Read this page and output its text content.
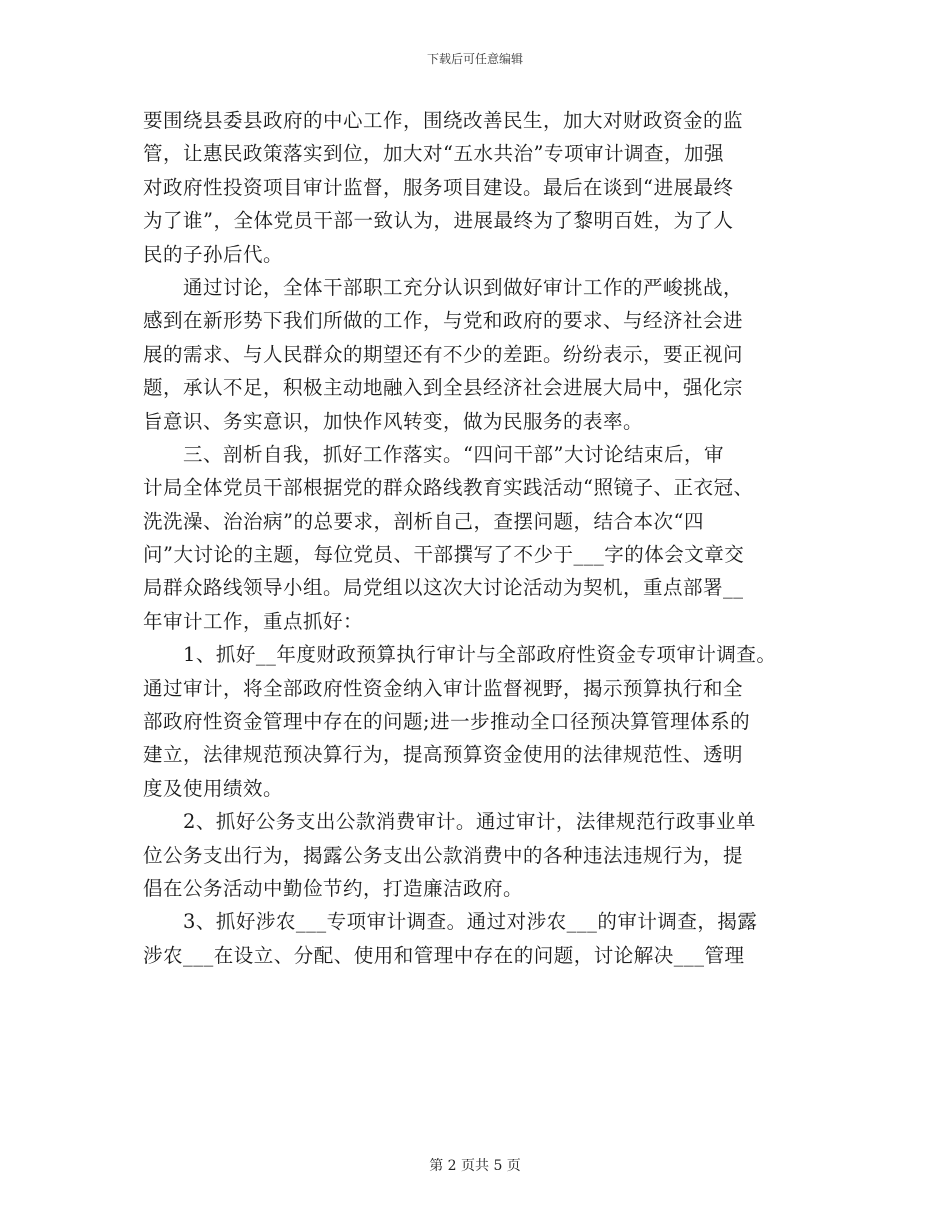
下载后可任意编辑
要围绕县委县政府的中心工作，围绕改善民生，加大对财政资金的监
管，让惠民政策落实到位，加大对“五水共治”专项审计调查，加强
对政府性投资项目审计监督，服务项目建设。最后在谈到“进展最终
为了谁”，全体党员干部一致认为，进展最终为了黎明百姓，为了人
民的子孙后代。
　　通过讨论，全体干部职工充分认识到做好审计工作的严峻挑战，
感到在新形势下我们所做的工作，与党和政府的要求、与经济社会进
展的需求、与人民群众的期望还有不少的差距。纷纷表示，要正视问
题，承认不足，积极主动地融入到全县经济社会进展大局中，强化宗
旨意识、务实意识，加快作风转变，做为民服务的表率。
　　三、剖析自我，抓好工作落实。“四问干部”大讨论结束后，审
计局全体党员干部根据党的群众路线教育实践活动“照镜子、正衣冠、
洗洗澡、治治病”的总要求，剖析自己，查摆问题，结合本次“四
问”大讨论的主题，每位党员、干部撰写了不少于___字的体会文章交
局群众路线领导小组。局党组以这次大讨论活动为契机，重点部署__
年审计工作，重点抓好：
　　1、抓好__年度财政预算执行审计与全部政府性资金专项审计调查。
通过审计，将全部政府性资金纳入审计监督视野，揭示预算执行和全
部政府性资金管理中存在的问题;进一步推动全口径预决算管理体系的
建立，法律规范预决算行为，提高预算资金使用的法律规范性、透明
度及使用绩效。
　　2、抓好公务支出公款消费审计。通过审计，法律规范行政事业单
位公务支出行为，揭露公务支出公款消费中的各种违法违规行为，提
倡在公务活动中勤俭节约，打造廉洁政府。
　　3、抓好涉农___专项审计调查。通过对涉农___的审计调查，揭露
涉农___在设立、分配、使用和管理中存在的问题，讨论解决___管理
第 2 页共 5 页
